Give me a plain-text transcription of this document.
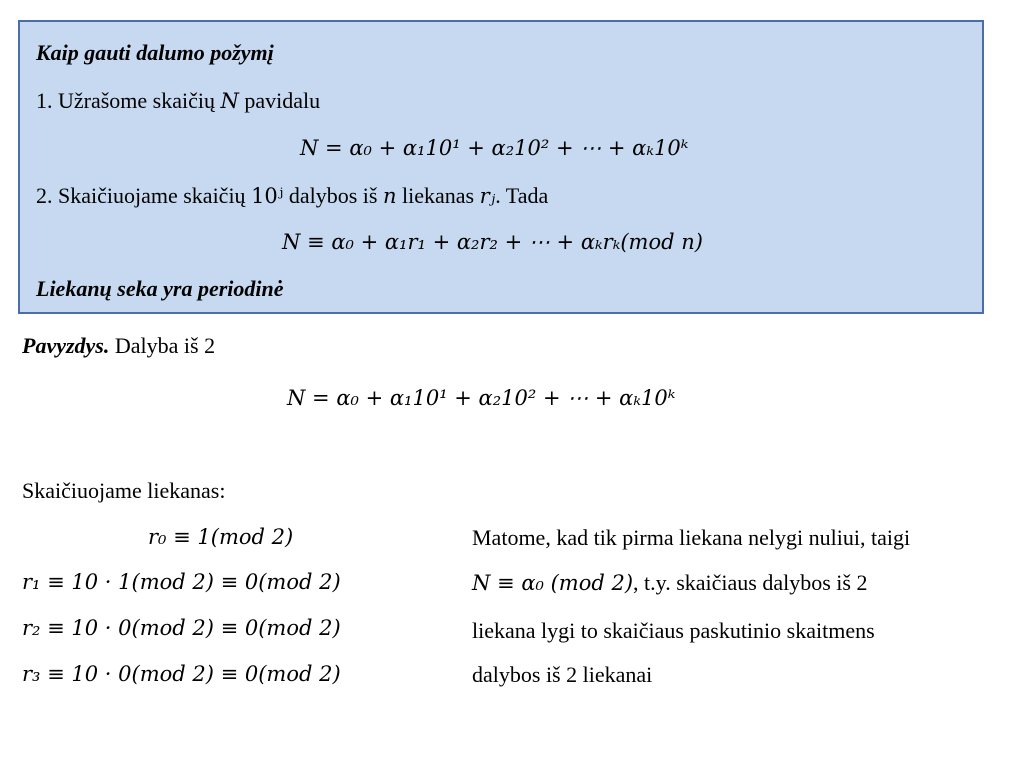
Kaip gauti dalumo požymį
1. Užrašome skaičių N pavidalu
N = α₀ + α₁10¹ + α₂10² + ⋯ + αₖ10ᵏ
2. Skaičiuojame skaičių 10ʲ dalybos iš n liekanas rⱼ. Tada
N ≡ α₀ + α₁r₁ + α₂r₂ + ⋯ + αₖrₖ(mod n)
Liekanų seka yra periodinė
Pavyzdys. Dalyba iš 2
N = α₀ + α₁10¹ + α₂10² + ⋯ + αₖ10ᵏ
Skaičiuojame liekanas:
r₀ ≡ 1(mod 2)
r₁ ≡ 10 · 1(mod 2) ≡ 0(mod 2)
r₂ ≡ 10 · 0(mod 2) ≡ 0(mod 2)
r₃ ≡ 10 · 0(mod 2) ≡ 0(mod 2)
Matome, kad tik pirma liekana nelygi nuliui, taigi
N ≡ α₀ (mod 2), t.y. skaičiaus dalybos iš 2
liekana lygi to skaičiaus paskutinio skaitmens
dalybos iš 2 liekanai
